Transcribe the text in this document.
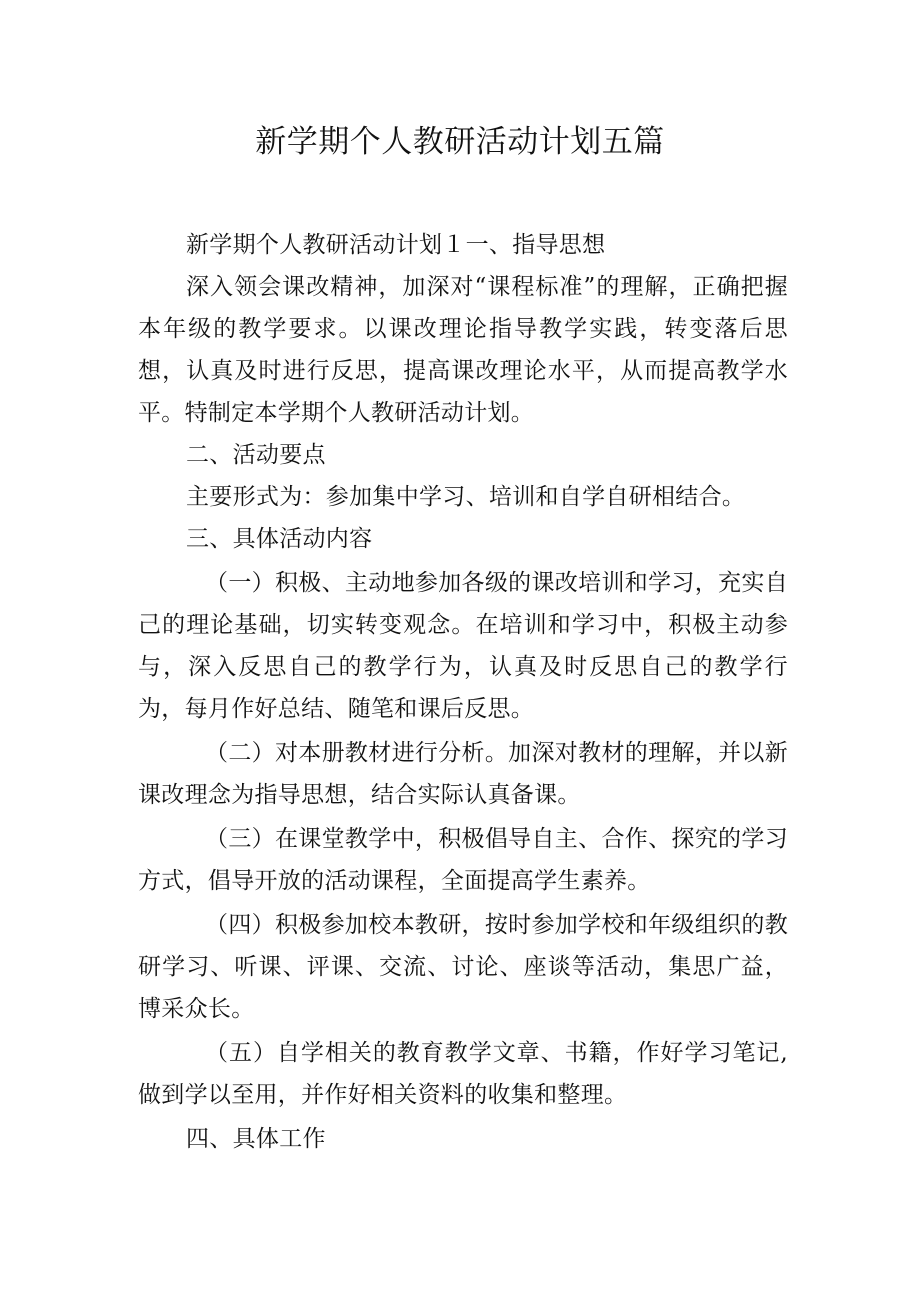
新学期个人教研活动计划五篇

新学期个人教研活动计划１一、指导思想

深入领会课改精神，加深对“课程标准”的理解，正确把握本年级的教学要求。以课改理论指导教学实践，转变落后思想，认真及时进行反思，提高课改理论水平，从而提高教学水平。特制定本学期个人教研活动计划。

二、活动要点

主要形式为：参加集中学习、培训和自学自研相结合。

三、具体活动内容

（一）积极、主动地参加各级的课改培训和学习，充实自己的理论基础，切实转变观念。在培训和学习中，积极主动参与，深入反思自己的教学行为，认真及时反思自己的教学行为，每月作好总结、随笔和课后反思。

（二）对本册教材进行分析。加深对教材的理解，并以新课改理念为指导思想，结合实际认真备课。

（三）在课堂教学中，积极倡导自主、合作、探究的学习方式，倡导开放的活动课程，全面提高学生素养。

（四）积极参加校本教研，按时参加学校和年级组织的教研学习、听课、评课、交流、讨论、座谈等活动，集思广益，博采众长。

（五）自学相关的教育教学文章、书籍，作好学习笔记,做到学以至用，并作好相关资料的收集和整理。

四、具体工作
